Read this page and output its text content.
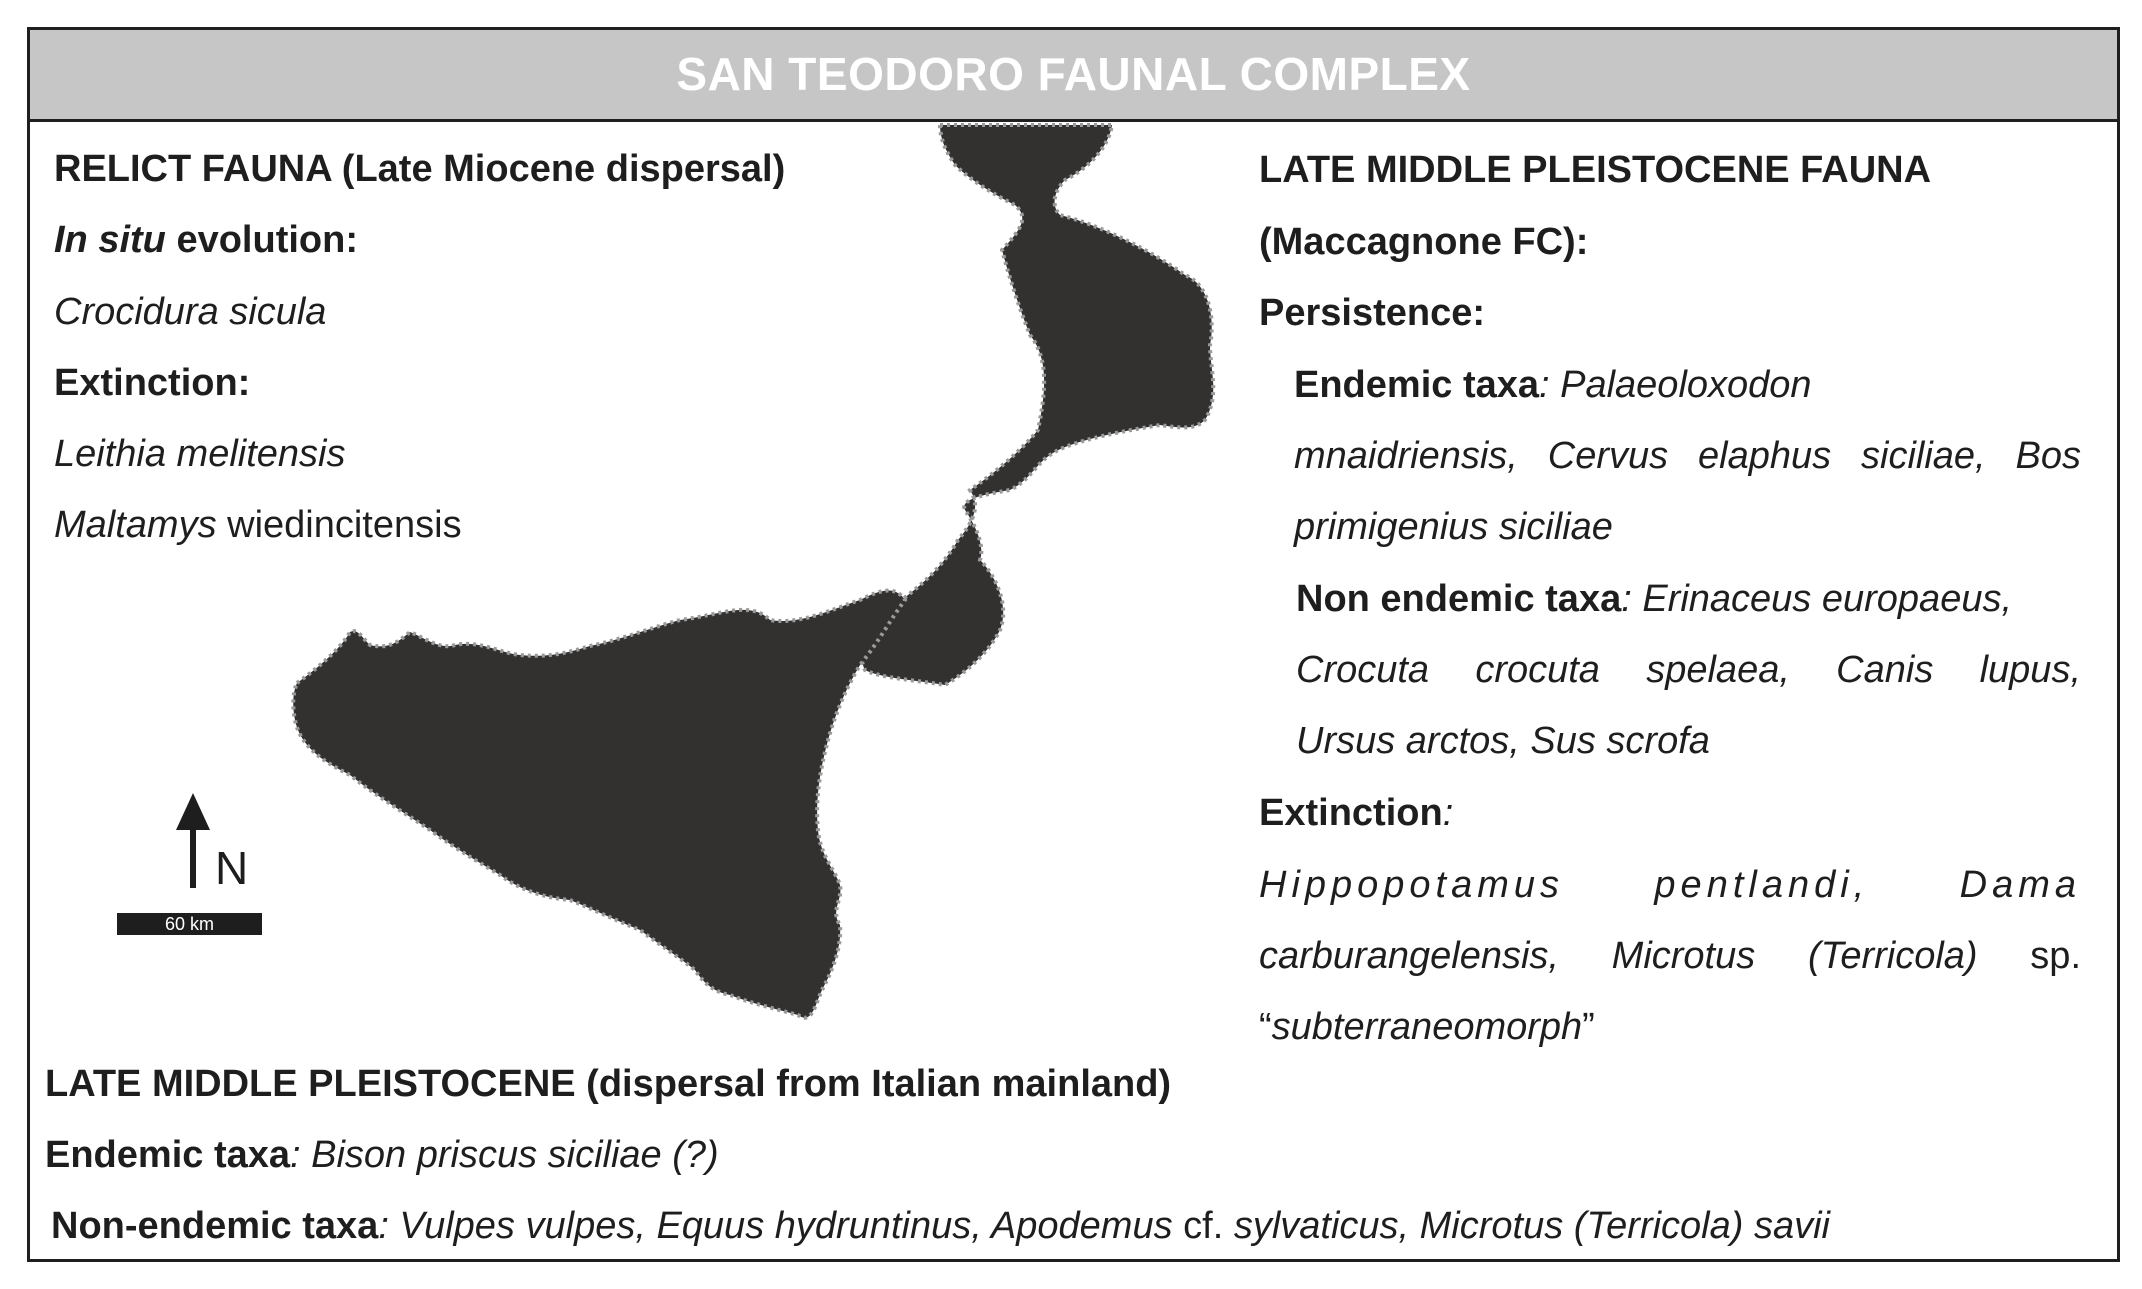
SAN TEODORO FAUNAL COMPLEX
N
60 km
RELICT FAUNA (Late Miocene dispersal)
In situ evolution:
Crocidura sicula
Extinction:
Leithia melitensis
Maltamys wiedincitensis
LATE MIDDLE PLEISTOCENE FAUNA
(Maccagnone FC):
Persistence:
Endemic taxa: Palaeoloxodon
mnaidriensis, Cervus elaphus siciliae, Bos
primigenius siciliae
Non endemic taxa: Erinaceus europaeus,
Crocuta crocuta spelaea, Canis lupus,
Ursus arctos, Sus scrofa
Extinction:
Hippopotamus pentlandi, Dama
carburangelensis, Microtus (Terricola) sp.
“subterraneomorph”
LATE MIDDLE PLEISTOCENE (dispersal from Italian mainland)
Endemic taxa: Bison priscus siciliae (?)
Non-endemic taxa: Vulpes vulpes, Equus hydruntinus, Apodemus cf. sylvaticus, Microtus (Terricola) savii
